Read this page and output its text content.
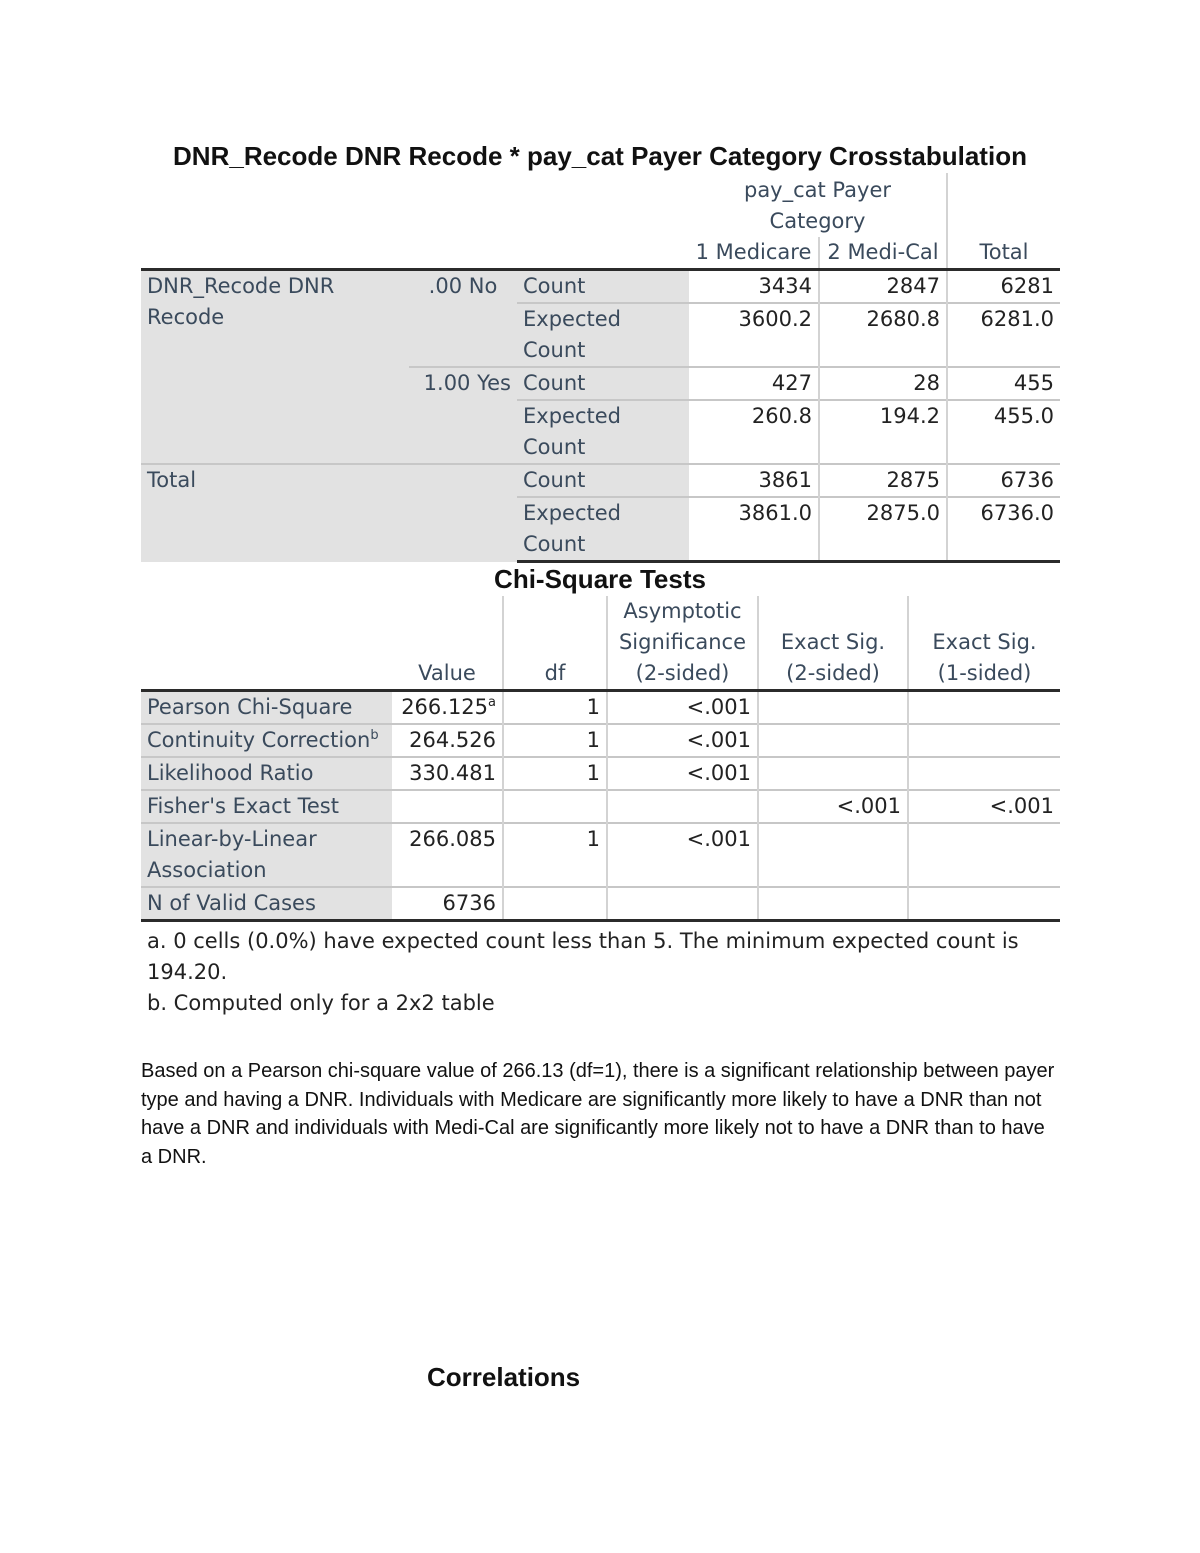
DNR_Recode DNR Recode * pay_cat Payer Category Crosstabulation
			pay_cat Payer Category		
			1 Medicare	2 Medi-Cal	Total
DNR_Recode DNR Recode	.00 No	Count	3434	2847	6281
		Expected Count	3600.2	2680.8	6281.0
	1.00 Yes	Count	427	28	455
		Expected Count	260.8	194.2	455.0
Total		Count	3861	2875	6736
		Expected Count	3861.0	2875.0	6736.0
Chi-Square Tests
	Value	df	Asymptotic Significance (2-sided)	Exact Sig. (2-sided)	Exact Sig. (1-sided)
Pearson Chi-Square	266.125$^a$	1	<.001		
Continuity Correction$^b$	264.526	1	<.001		
Likelihood Ratio	330.481	1	<.001		
Fisher's Exact Test				<.001	<.001
Linear-by-Linear Association	266.085	1	<.001		
N of Valid Cases	6736				
a. 0 cells (0.0%) have expected count less than 5. The minimum expected count is 194.20.
b. Computed only for a 2x2 table
Based on a Pearson chi-square value of 266.13 (df=1), there is a significant relationship between payer type and having a DNR. Individuals with Medicare are significantly more likely to have a DNR than not have a DNR and individuals with Medi-Cal are significantly more likely not to have a DNR than to have a DNR.
Correlations
